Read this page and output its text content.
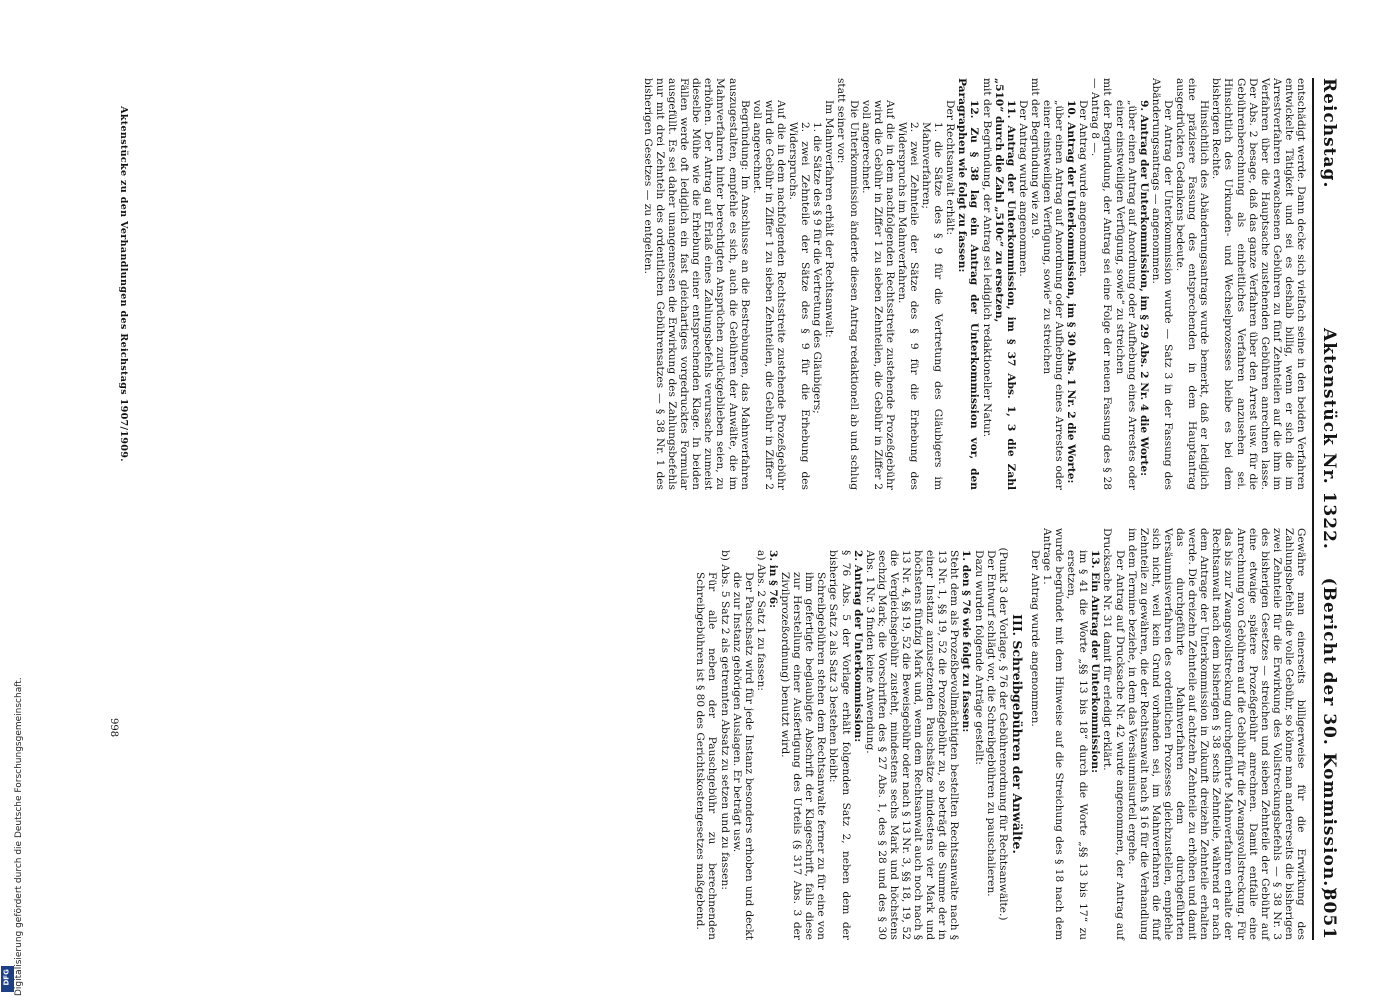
Reichstag.
Aktenstück Nr. 1322.    (Bericht der 30. Kommission.)
8051

entschädigt werde. Dann decke sich vielfach seine in den beiden Verfahren entwickelte Tätigkeit und sei es deshalb billig, wenn er sich die im Arrestverfahren erwachsenen Gebühren zu fünf Zehnteilen auf die ihm im Verfahren über die Hauptsache zustehenden Gebühren anrechnen lasse. Der Abs. 2 besage, daß das ganze Verfahren über den Arrest usw. für die Gebührenberechnung als einheitliches Verfahren anzusehen sei. Hinsichtlich des Urkunden- und Wechselprozesses bleibe es bei dem bisherigen Rechte.

Hinsichtlich des Abänderungsantrags wurde bemerkt, daß er lediglich eine präzisere Fassung des entsprechenden in dem Hauptantrag ausgedrückten Gedankens bedeute.

Der Antrag der Unterkommission wurde — Satz 3 in der Fassung des Abänderungsantrags — angenommen.

9. Antrag der Unterkommission, im § 29 Abs. 2 Nr. 4 die Worte:

„über einen Antrag auf Anordnung oder Aufhebung eines Arrestes oder einer einstweiligen Verfügung, sowie“ zu streichen

mit der Begründung, der Antrag sei eine Folge der neuen Fassung des § 28 — Antrag 8 —.

Der Antrag wurde angenommen.

10. Antrag der Unterkommission, im § 30 Abs. 1 Nr. 2 die Worte:

„über einen Antrag auf Anordnung oder Aufhebung eines Arrestes oder einer einstweiligen Verfügung, sowie“ zu streichen

mit der Begründung wie zu 9.

Der Antrag wurde angenommen.

11. Antrag der Unterkommission, im § 37 Abs. 1, 3 die Zahl „510“ durch die Zahl „510c“ zu ersetzen,

mit der Begründung, der Antrag sei lediglich redaktioneller Natur.

12. Zu § 38 lag ein Antrag der Unterkommission vor, den Paragraphen wie folgt zu fassen:

Der Rechtsanwalt erhält:

1. die Sätze des § 9 für die Vertretung des Gläubigers im Mahnverfahren;

2. zwei Zehnteile der Sätze des § 9 für die Erhebung des Widerspruchs im Mahnverfahren.

Auf die in dem nachfolgenden Rechtsstreite zustehende Prozeßgebühr wird die Gebühr in Ziffer 1 zu sieben Zehnteilen, die Gebühr in Ziffer 2 voll angerechnet.

Die Unterkommission änderte diesen Antrag redaktionell ab und schlug statt seiner vor:

Im Mahnverfahren erhält der Rechtsanwalt:

1. die Sätze des § 9 für die Vertretung des Gläubigers;

2. zwei Zehnteile der Sätze des § 9 für die Erhebung des Widerspruchs.

Auf die in dem nachfolgenden Rechtsstreite zustehende Prozeßgebühr wird die Gebühr in Ziffer 1 zu sieben Zehnteilen, die Gebühr in Ziffer 2 voll angerechnet.

Begründung: Im Anschlusse an die Bestrebungen, das Mahnverfahren auszugestalten, empfehle es sich, auch die Gebühren der Anwälte, die im Mahnverfahren hinter berechtigten Ansprüchen zurückgeblieben seien, zu erhöhen. Der Antrag auf Erlaß eines Zahlungsbefehls verursache zumeist dieselbe Mühe wie die Erhebung einer entsprechenden Klage. In beiden Fällen werde oft lediglich ein fast gleichartiges vorgedrucktes Formular ausgefüllt. Es sei daher unangemessen die Erwirkung des Zahlungsbefehls nur mit drei Zehnteln des ordentlichen Gebührensatzes — § 38 Nr. 1 des bisherigen Gesetzes — zu entgelten.

Gewähre man einerseits billigerweise für die Erwirkung des Zahlungsbefehls die volle Gebühr, so könne man andererseits die bisherigen zwei Zehnteile für die Erwirkung des Vollstreckungsbefehls — § 38 Nr. 3 des bisherigen Gesetzes — streichen und sieben Zehnteile der Gebühr auf eine etwaige spätere Prozeßgebühr anrechnen. Damit entfalle eine Anrechnung von Gebühren auf die Gebühr für die Zwangsvollstreckung. Für das bis zur Zwangsvollstreckung durchgeführte Mahnverfahren erhalte der Rechtsanwalt nach dem bisherigen § 38 sechs Zehnteile, während er nach dem Antrage der Unterkommission in Zukunft dreizehn Zehnteile erhalten werde. Die dreizehn Zehnteile auf achtzehn Zehnteile zu erhöhen und damit das durchgeführte Mahnverfahren dem durchgeführten Versäumnisverfahren des ordentlichen Prozesses gleichzustellen, empfehle sich nicht, weil kein Grund vorhanden sei, im Mahnverfahren die fünf Zehnteile zu gewähren, die der Rechtsanwalt nach § 16 für die Verhandlung im dem Termine beziehe, in dem das Versäumnisurteil ergehe.

Der Antrag auf Drucksache Nr. 42 wurde angenommen, der Antrag auf Drucksache Nr. 31 damit für erledigt erklärt.

13. Ein Antrag der Unterkommission:

im § 41 die Worte „§§ 13 bis 18“ durch die Worte „§§ 13 bis 17“ zu ersetzen,

wurde begründet mit dem Hinweise auf die Streichung des § 18 nach dem Antrage 1.

Der Antrag wurde angenommen.

III. Schreibgebühren der Anwälte.

(Punkt 3 der Vorlage, § 76 der Gebührenordnung für Rechtsanwälte.)

Der Entwurf schlägt vor, die Schreibgebühren zu pauschalieren.

Dazu wurden folgende Anträge gestellt:

1. den § 76 wie folgt zu fassen:

Steht dem als Prozeßbevollmächtigten bestellten Rechtsanwalte nach § 13 Nr. 1, §§ 19, 52 die Prozeßgebühr zu, so beträgt die Summe der in einer Instanz anzusetzenden Pauschsätze mindestens vier Mark und höchstens fünfzig Mark und, wenn dem Rechtsanwalt auch noch nach § 13 Nr. 4, §§ 19, 52 die Beweisgebühr oder nach § 13 Nr. 3, §§ 18, 19, 52 die Vergleichsgebühr zusteht, mindestens sechs Mark und höchstens sechzig Mark; die Vorschriften des § 27 Abs. 1, des § 28 und des § 30 Abs. 1 Nr. 3 finden keine Anwendung.

2. Antrag der Unterkommission:

§ 76 Abs. 5 der Vorlage erhält folgenden Satz 2, neben dem der bisherige Satz 2 als Satz 3 bestehen bleibt:

Schreibgebühren stehen dem Rechtsanwalte ferner zu für eine von ihm gefertigte beglaubigte Abschrift der Klageschrift, falls diese zur Herstellung einer Ausfertigung des Urteils (§ 317 Abs. 3 der Zivilprozeßordnung) benutzt wird.

3. in § 76:

a) Abs. 2 Satz 1 zu fassen:

Der Pauschsatz wird für jede Instanz besonders erhoben und deckt die zur Instanz gehörigen Auslagen. Er beträgt usw.

b) Abs. 5 Satz 2 als getrennten Absatz zu setzen und zu fassen:

Für alle neben der Pauschgebühr zu berechnenden Schreibgebühren ist § 80 des Gerichtskostengesetzes maßgebend.

Aktenstücke zu den Verhandlungen des Reichstags 1907/1909.
998
Digitalisierung gefördert durch die Deutsche Forschungsgemeinschaft.
DFG
